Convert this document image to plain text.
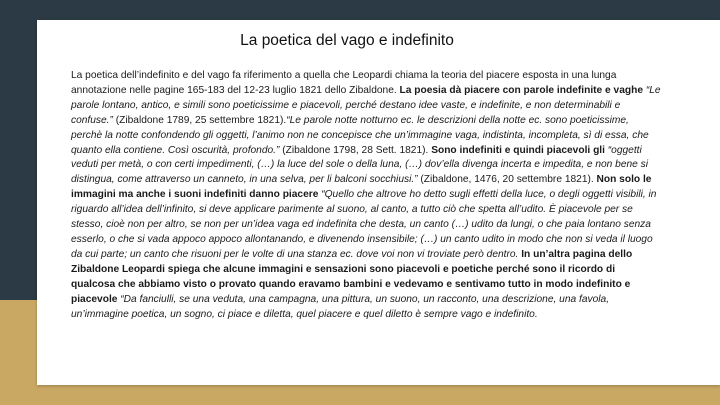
La poetica del vago e indefinito
La poetica dell’indefinito e del vago fa riferimento a quella che Leopardi chiama la teoria del piacere esposta in una lunga annotazione nelle pagine 165-183 del 12-23 luglio 1821 dello Zibaldone. La poesia dà piacere con parole indefinite e vaghe “Le parole lontano, antico, e simili sono poeticissime e piacevoli, perché destano idee vaste, e indefinite, e non determinabili e confuse.” (Zibaldone 1789, 25 settembre 1821).“Le parole notte notturno ec. le descrizioni della notte ec. sono poeticissime, perchè la notte confondendo gli oggetti, l’animo non ne concepisce che un’immagine vaga, indistinta, incompleta, sì di essa, che quanto ella contiene. Così oscurità, profondo.” (Zibaldone 1798, 28 Sett. 1821). Sono indefiniti e quindi piacevoli gli “oggetti veduti per metà, o con certi impedimenti, (…) la luce del sole o della luna, (…) dov’ella divenga incerta e impedita, e non bene si distingua, come attraverso un canneto, in una selva, per li balconi socchiusi.” (Zibaldone, 1476, 20 settembre 1821). Non solo le immagini ma anche i suoni indefiniti danno piacere “Quello che altrove ho detto sugli effetti della luce, o degli oggetti visibili, in riguardo all’idea dell’infinito, si deve applicare parimente al suono, al canto, a tutto ciò che spetta all’udito. È piacevole per se stesso, cioè non per altro, se non per un’idea vaga ed indefinita che desta, un canto (…) udito da lungi, o che paia lontano senza esserlo, o che si vada appoco appoco allontanando, e divenendo insensibile; (…) un canto udito in modo che non si veda il luogo da cui parte; un canto che risuoni per le volte di una stanza ec. dove voi non vi troviate però dentro. In un’altra pagina dello Zibaldone Leopardi spiega che alcune immagini e sensazioni sono piacevoli e poetiche perché sono il ricordo di qualcosa che abbiamo visto o provato quando eravamo bambini e vedevamo e sentivamo tutto in modo indefinito e piacevole “Da fanciulli, se una veduta, una campagna, una pittura, un suono, un racconto, una descrizione, una favola, un’immagine poetica, un sogno, ci piace e diletta, quel piacere e quel diletto è sempre vago e indefinito.
